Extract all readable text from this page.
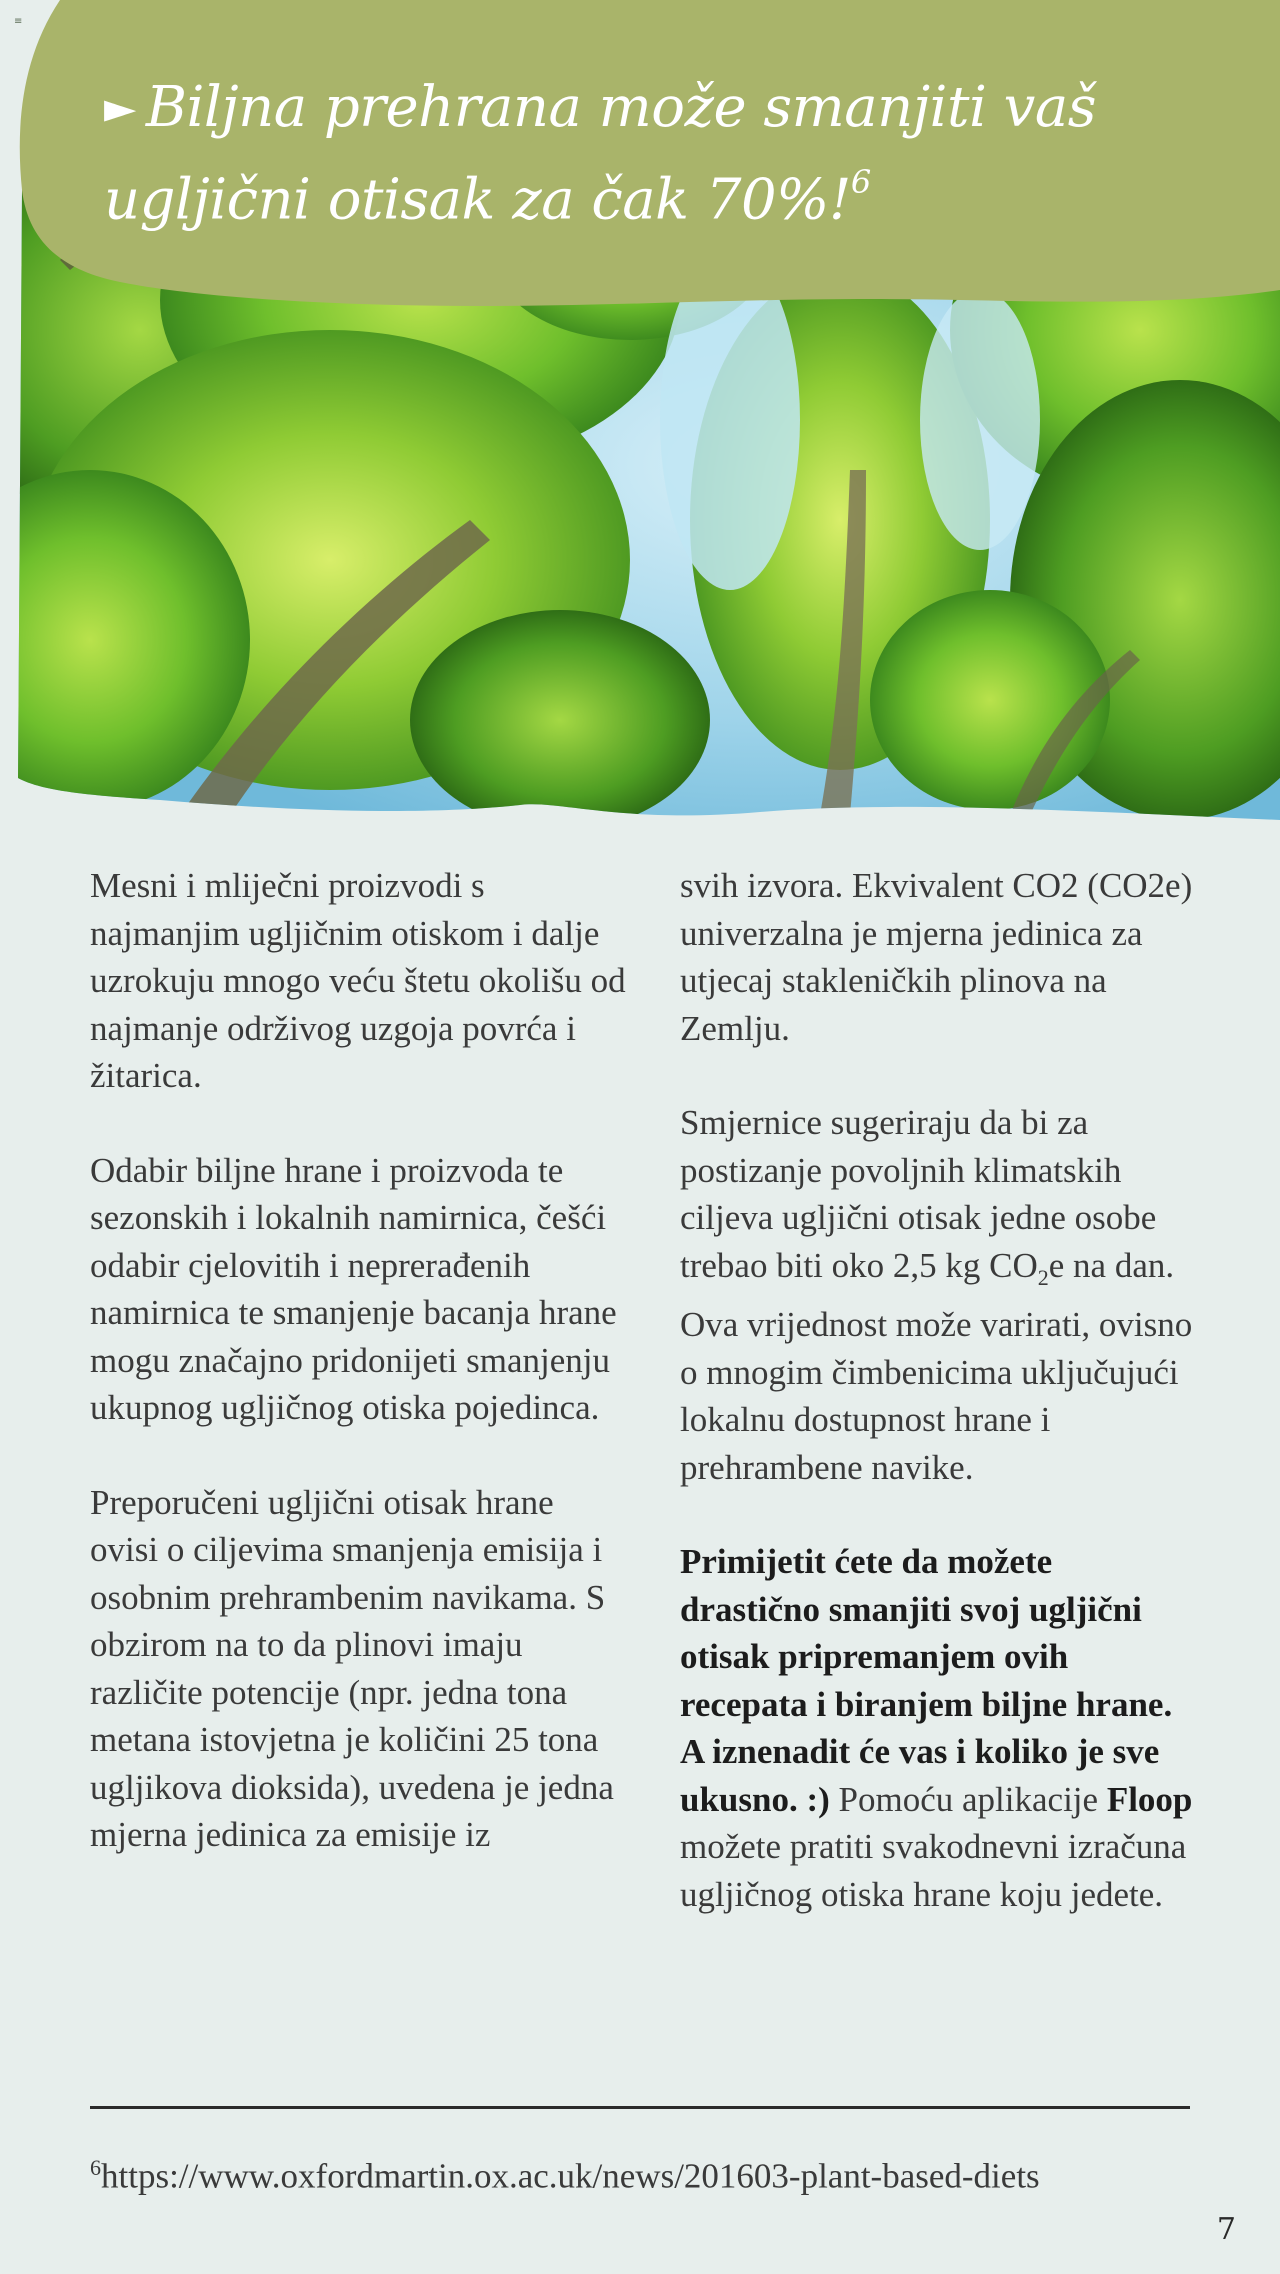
≡
► Biljna prehrana može smanjiti vaš
ugljični otisak za čak 70%!$^6$

Mesni i mliječni proizvodi s najmanjim ugljičnim otiskom i dalje uzrokuju mnogo veću štetu okolišu od najmanje održivog uzgoja povrća i žitarica.

Odabir biljne hrane i proizvoda te sezonskih i lokalnih namirnica, češći odabir cjelovitih i neprerađenih namirnica te smanjenje bacanja hrane mogu značajno pridonijeti smanjenju ukupnog ugljičnog otiska pojedinca.

Preporučeni ugljični otisak hrane ovisi o ciljevima smanjenja emisija i osobnim prehrambenim navikama. S obzirom na to da plinovi imaju različite potencije (npr. jedna tona metana istovjetna je količini 25 tona ugljikova dioksida), uvedena je jedna mjerna jedinica za emisije iz

svih izvora. Ekvivalent CO2 (CO2e) univerzalna je mjerna jedinica za utjecaj stakleničkih plinova na Zemlju.

Smjernice sugeriraju da bi za postizanje povoljnih klimatskih ciljeva ugljični otisak jedne osobe trebao biti oko 2,5 kg $CO_2e$ na dan. Ova vrijednost može varirati, ovisno o mnogim čimbenicima uključujući lokalnu dostupnost hrane i prehrambene navike.

Primijetit ćete da možete drastično smanjiti svoj ugljični otisak pripremanjem ovih recepata i biranjem biljne hrane. A iznenadit će vas i koliko je sve ukusno. :) Pomoću aplikacije Floop možete pratiti svakodnevni izračuna ugljičnog otiska hrane koju jedete.

$^6$https://www.oxfordmartin.ox.ac.uk/news/201603-plant-based-diets
7
